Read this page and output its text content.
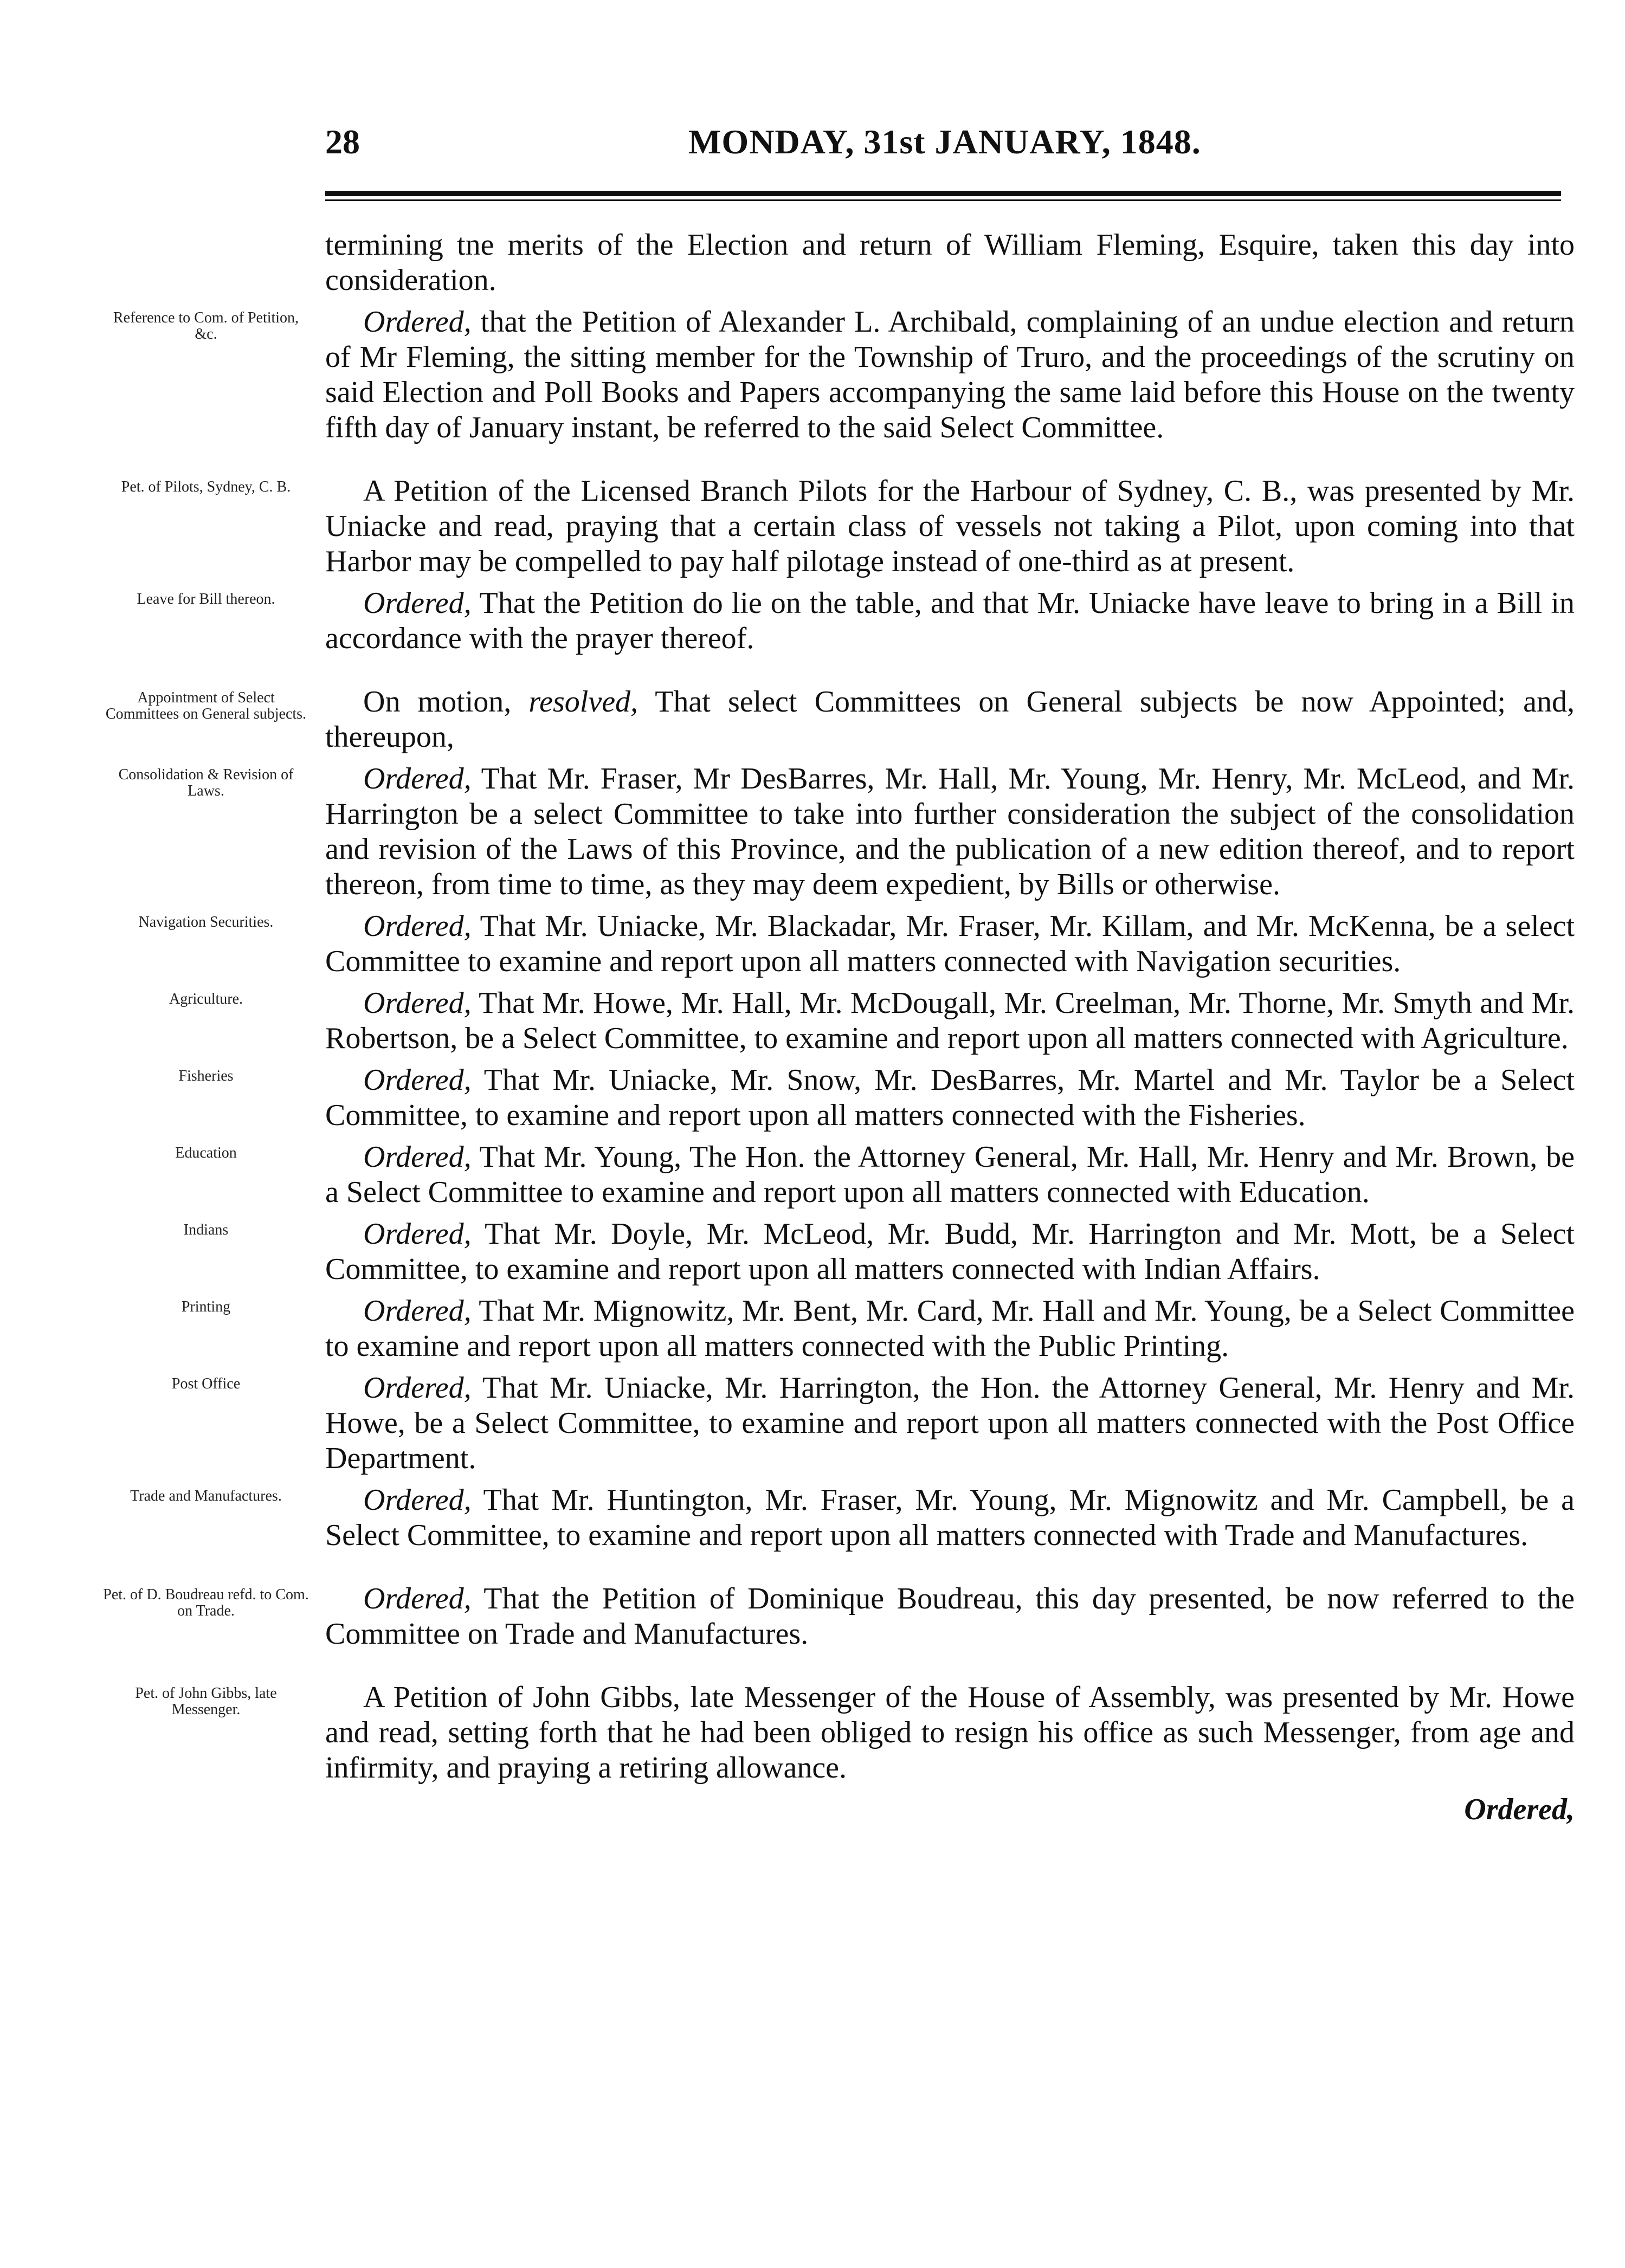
28	MONDAY, 31st JANUARY, 1848.

termining tne merits of the Election and return of William Fleming, Esquire, taken this day into consideration.

Reference to Com. of Petition, &c.	Ordered, that the Petition of Alexander L. Archibald, complaining of an undue election and return of Mr Fleming, the sitting member for the Township of Truro, and the proceedings of the scrutiny on said Election and Poll Books and Papers accompanying the same laid before this House on the twenty fifth day of January instant, be referred to the said Select Committee.

Pet. of Pilots, Sydney, C. B.	A Petition of the Licensed Branch Pilots for the Harbour of Sydney, C. B., was presented by Mr. Uniacke and read, praying that a certain class of vessels not taking a Pilot, upon coming into that Harbor may be compelled to pay half pilotage instead of one-third as at present.

Leave for Bill thereon.	Ordered, That the Petition do lie on the table, and that Mr. Uniacke have leave to bring in a Bill in accordance with the prayer thereof.

Appointment of Select Committees on General subjects. On motion, resolved, That select Committees on General subjects be now Appointed; and, thereupon,

Consolidation & Revision of Laws.	Ordered, That Mr. Fraser, Mr DesBarres, Mr. Hall, Mr. Young, Mr. Henry, Mr. McLeod, and Mr. Harrington be a select Committee to take into further consideration the subject of the consolidation and revision of the Laws of this Province, and the publication of a new edition thereof, and to report thereon, from time to time, as they may deem expedient, by Bills or otherwise.

Navigation Securities.	Ordered, That Mr. Uniacke, Mr. Blackadar, Mr. Fraser, Mr. Killam, and Mr. McKenna, be a select Committee to examine and report upon all matters connected with Navigation securities.

Agriculture.	Ordered, That Mr. Howe, Mr. Hall, Mr. McDougall, Mr. Creelman, Mr. Thorne, Mr. Smyth and Mr. Robertson, be a Select Committee, to examine and report upon all matters connected with Agriculture.

Fisheries	Ordered, That Mr. Uniacke, Mr. Snow, Mr. DesBarres, Mr. Martel and Mr. Taylor be a Select Committee, to examine and report upon all matters connected with the Fisheries.

Education	Ordered, That Mr. Young, The Hon. the Attorney General, Mr. Hall, Mr. Henry and Mr. Brown, be a Select Committee to examine and report upon all matters connected with Education.

Indians	Ordered, That Mr. Doyle, Mr. McLeod, Mr. Budd, Mr. Harrington and Mr. Mott, be a Select Committee, to examine and report upon all matters connected with Indian Affairs.

Printing	Ordered, That Mr. Mignowitz, Mr. Bent, Mr. Card, Mr. Hall and Mr. Young, be a Select Committee to examine and report upon all matters connected with the Public Printing.

Post Office	Ordered, That Mr. Uniacke, Mr. Harrington, the Hon. the Attorney General, Mr. Henry and Mr. Howe, be a Select Committee, to examine and report upon all matters connected with the Post Office Department.

Trade and Manufactures.	Ordered, That Mr. Huntington, Mr. Fraser, Mr. Young, Mr. Mignowitz and Mr. Campbell, be a Select Committee, to examine and report upon all matters connected with Trade and Manufactures.

Pet. of D. Boudreau refd. to Com. on Trade.	Ordered, That the Petition of Dominique Boudreau, this day presented, be now referred to the Committee on Trade and Manufactures.

Pet. of John Gibbs, late Messenger.	A Petition of John Gibbs, late Messenger of the House of Assembly, was presented by Mr. Howe and read, setting forth that he had been obliged to resign his office as such Messenger, from age and infirmity, and praying a retiring allowance.

Ordered,
